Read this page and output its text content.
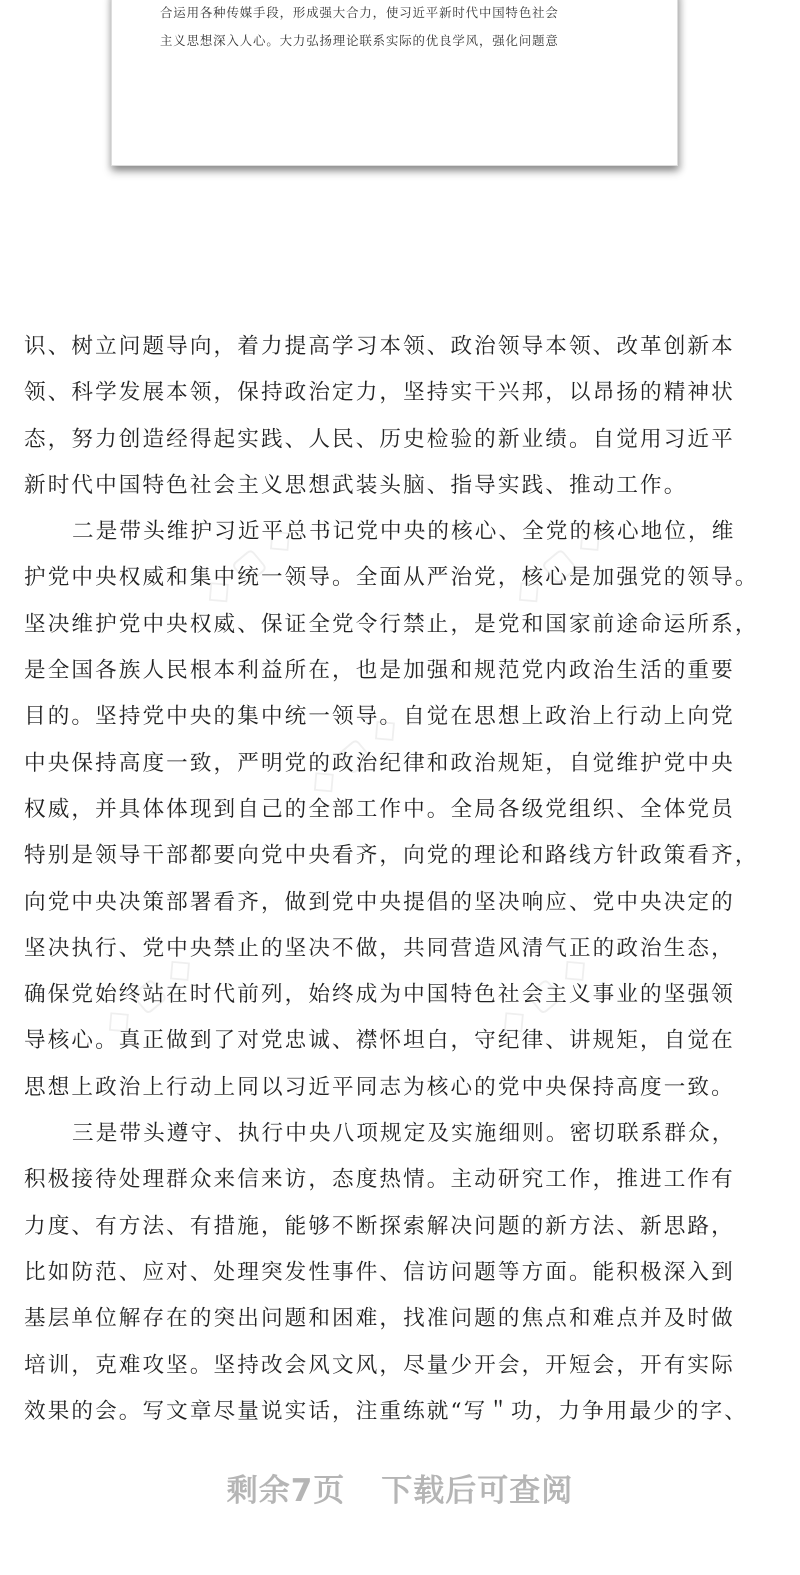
合运用各种传媒手段，形成强大合力，使习近平新时代中国特色社会
主义思想深入人心。大力弘扬理论联系实际的优良学风，强化问题意
◇ ▢ ◇	◇ ▢ ◇
◇ ▢ ◇
◇ ▢ ◇	◇ ▢ ◇
识、树立问题导向，着力提高学习本领、政治领导本领、改革创新本
领、科学发展本领，保持政治定力，坚持实干兴邦，以昂扬的精神状
态，努力创造经得起实践、人民、历史检验的新业绩。自觉用习近平
新时代中国特色社会主义思想武装头脑、指导实践、推动工作。
二是带头维护习近平总书记党中央的核心、全党的核心地位，维
护党中央权威和集中统一领导。全面从严治党，核心是加强党的领导。
坚决维护党中央权威、保证全党令行禁止，是党和国家前途命运所系，
是全国各族人民根本利益所在，也是加强和规范党内政治生活的重要
目的。坚持党中央的集中统一领导。自觉在思想上政治上行动上向党
中央保持高度一致，严明党的政治纪律和政治规矩，自觉维护党中央
权威，并具体体现到自己的全部工作中。全局各级党组织、全体党员
特别是领导干部都要向党中央看齐，向党的理论和路线方针政策看齐，
向党中央决策部署看齐，做到党中央提倡的坚决响应、党中央决定的
坚决执行、党中央禁止的坚决不做，共同营造风清气正的政治生态，
确保党始终站在时代前列，始终成为中国特色社会主义事业的坚强领
导核心。真正做到了对党忠诚、襟怀坦白，守纪律、讲规矩，自觉在
思想上政治上行动上同以习近平同志为核心的党中央保持高度一致。
三是带头遵守、执行中央八项规定及实施细则。密切联系群众，
积极接待处理群众来信来访，态度热情。主动研究工作，推进工作有
力度、有方法、有措施，能够不断探索解决问题的新方法、新思路，
比如防范、应对、处理突发性事件、信访问题等方面。能积极深入到
基层单位解存在的突出问题和困难，找准问题的焦点和难点并及时做
培训，克难攻坚。坚持改会风文风，尽量少开会，开短会，开有实际
效果的会。写文章尽量说实话，注重练就“写＂功，力争用最少的字、
剩余7页 下载后可查阅
